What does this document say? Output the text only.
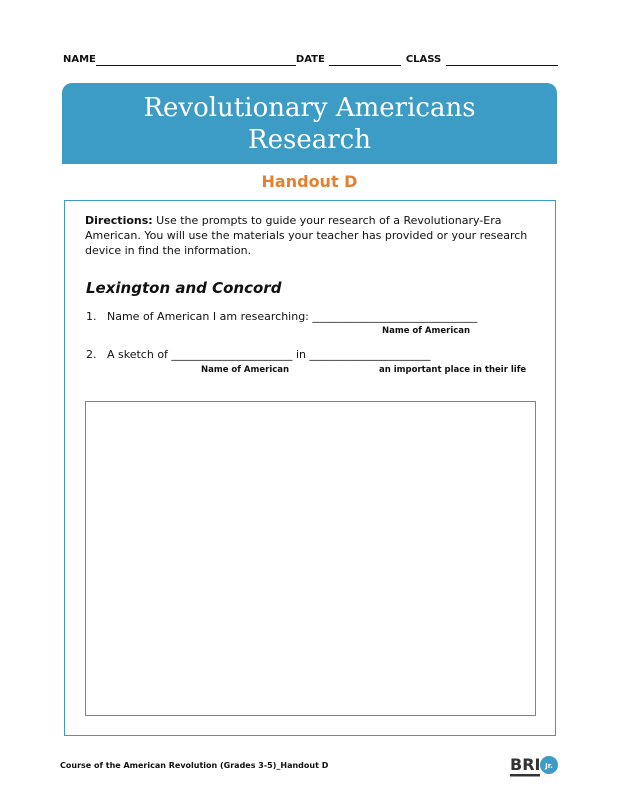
NAME	DATE	CLASS
Revolutionary Americans
Research
Handout D
Directions: Use the prompts to guide your research of a Revolutionary-Era American. You will use the materials your teacher has provided or your research device in find the information.
Lexington and Concord
1. Name of American I am researching: ______________________________
Name of American
2. A sketch of ______________________ in ______________________
Name of American	an important place in their life
Course of the American Revolution (Grades 3-5)_Handout D	BRI Jr.
